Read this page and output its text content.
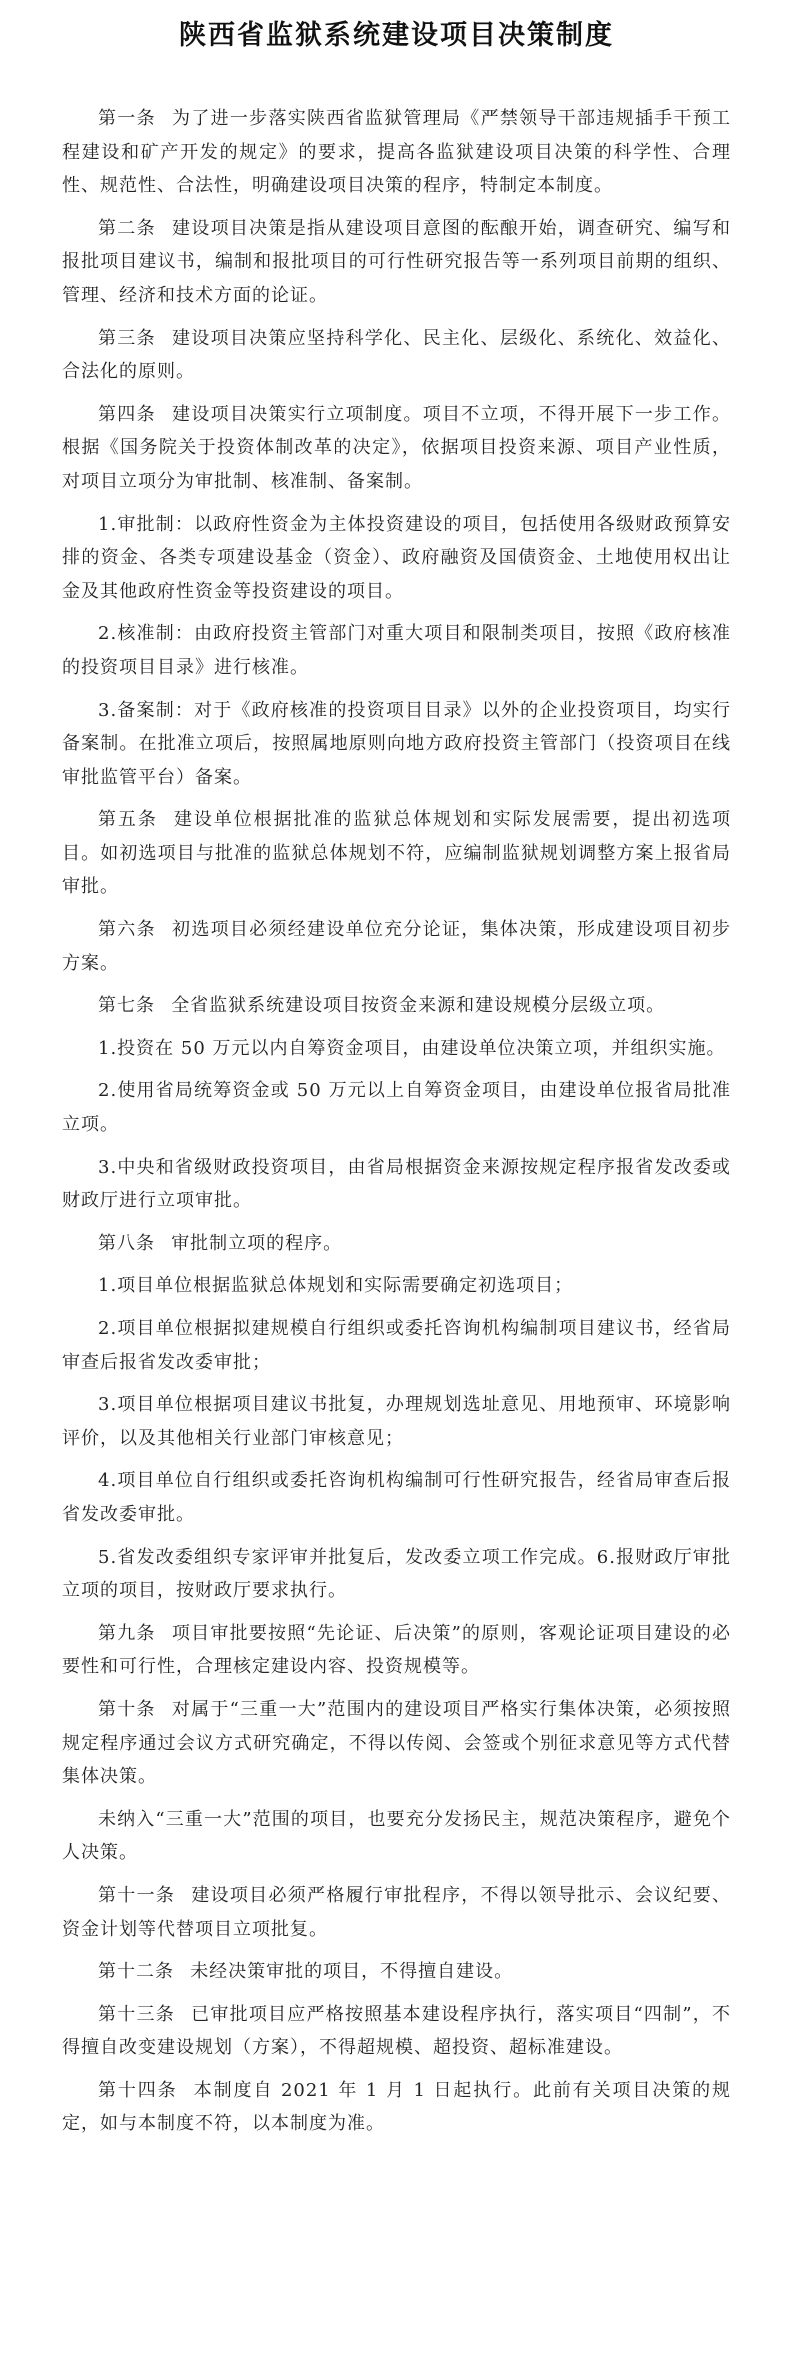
陕西省监狱系统建设项目决策制度

第一条 为了进一步落实陕西省监狱管理局《严禁领导干部违规插手干预工程建设和矿产开发的规定》的要求，提高各监狱建设项目决策的科学性、合理性、规范性、合法性，明确建设项目决策的程序，特制定本制度。

第二条 建设项目决策是指从建设项目意图的酝酿开始，调查研究、编写和报批项目建议书，编制和报批项目的可行性研究报告等一系列项目前期的组织、管理、经济和技术方面的论证。

第三条 建设项目决策应坚持科学化、民主化、层级化、系统化、效益化、合法化的原则。

第四条 建设项目决策实行立项制度。项目不立项，不得开展下一步工作。根据《国务院关于投资体制改革的决定》，依据项目投资来源、项目产业性质，对项目立项分为审批制、核准制、备案制。

1.审批制：以政府性资金为主体投资建设的项目，包括使用各级财政预算安排的资金、各类专项建设基金（资金）、政府融资及国债资金、土地使用权出让金及其他政府性资金等投资建设的项目。

2.核准制：由政府投资主管部门对重大项目和限制类项目，按照《政府核准的投资项目目录》进行核准。

3.备案制：对于《政府核准的投资项目目录》以外的企业投资项目，均实行备案制。在批准立项后，按照属地原则向地方政府投资主管部门（投资项目在线审批监管平台）备案。

第五条 建设单位根据批准的监狱总体规划和实际发展需要，提出初选项目。如初选项目与批准的监狱总体规划不符，应编制监狱规划调整方案上报省局审批。

第六条 初选项目必须经建设单位充分论证，集体决策，形成建设项目初步方案。

第七条 全省监狱系统建设项目按资金来源和建设规模分层级立项。

1.投资在 50 万元以内自筹资金项目，由建设单位决策立项，并组织实施。

2.使用省局统筹资金或 50 万元以上自筹资金项目，由建设单位报省局批准立项。

3.中央和省级财政投资项目，由省局根据资金来源按规定程序报省发改委或财政厅进行立项审批。

第八条 审批制立项的程序。

1.项目单位根据监狱总体规划和实际需要确定初选项目；

2.项目单位根据拟建规模自行组织或委托咨询机构编制项目建议书，经省局审查后报省发改委审批；

3.项目单位根据项目建议书批复，办理规划选址意见、用地预审、环境影响评价，以及其他相关行业部门审核意见；

4.项目单位自行组织或委托咨询机构编制可行性研究报告，经省局审查后报省发改委审批。

5.省发改委组织专家评审并批复后，发改委立项工作完成。6.报财政厅审批立项的项目，按财政厅要求执行。

第九条 项目审批要按照“先论证、后决策”的原则，客观论证项目建设的必要性和可行性，合理核定建设内容、投资规模等。

第十条 对属于“三重一大”范围内的建设项目严格实行集体决策，必须按照规定程序通过会议方式研究确定，不得以传阅、会签或个别征求意见等方式代替集体决策。

未纳入“三重一大”范围的项目，也要充分发扬民主，规范决策程序，避免个人决策。

第十一条 建设项目必须严格履行审批程序，不得以领导批示、会议纪要、资金计划等代替项目立项批复。

第十二条 未经决策审批的项目，不得擅自建设。

第十三条 已审批项目应严格按照基本建设程序执行，落实项目“四制”，不得擅自改变建设规划（方案），不得超规模、超投资、超标准建设。

第十四条 本制度自 2021 年 1 月 1 日起执行。此前有关项目决策的规定，如与本制度不符，以本制度为准。
